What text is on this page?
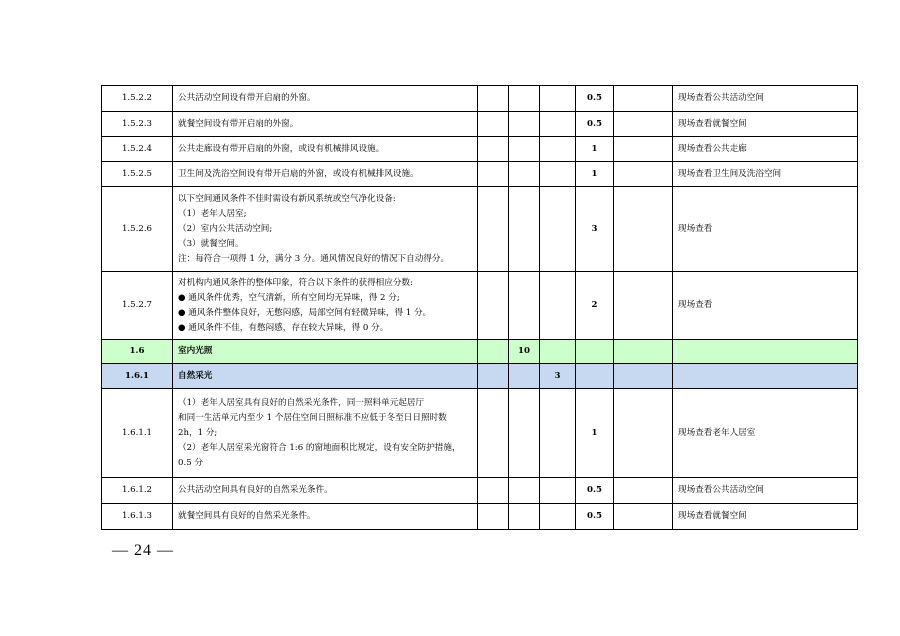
1.5.2.2	公共活动空间设有带开启扇的外窗。				0.5		现场查看公共活动空间
1.5.2.3	就餐空间设有带开启扇的外窗。				0.5		现场查看就餐空间
1.5.2.4	公共走廊设有带开启扇的外窗，或设有机械排风设施。				1		现场查看公共走廊
1.5.2.5	卫生间及洗浴空间设有带开启扇的外窗，或设有机械排风设施。				1		现场查看卫生间及洗浴空间
1.5.2.6	以下空间通风条件不佳时需设有新风系统或空气净化设备:
（1）老年人居室;
（2）室内公共活动空间;
（3）就餐空间。
注：每符合一项得 1 分，满分 3 分。通风情况良好的情况下自动得分。				3		现场查看
1.5.2.7	对机构内通风条件的整体印象，符合以下条件的获得相应分数:
● 通风条件优秀，空气清新，所有空间均无异味，得 2 分;
● 通风条件整体良好，无憋闷感，局部空间有轻微异味，得 1 分。
● 通风条件不佳，有憋闷感，存在较大异味，得 0 分。				2		现场查看
1.6	室内光照		10				
1.6.1	自然采光			3			
1.6.1.1	（1）老年人居室具有良好的自然采光条件，同一照料单元起居厅
和同一生活单元内至少 1 个居住空间日照标准不应低于冬至日日照时数
2h，1 分;
（2）老年人居室采光窗符合 1:6 的窗地面积比规定，设有安全防护措施，
0.5 分				1		现场查看老年人居室
1.6.1.2	公共活动空间具有良好的自然采光条件。				0.5		现场查看公共活动空间
1.6.1.3	就餐空间具有良好的自然采光条件。				0.5		现场查看就餐空间
— 24 —
